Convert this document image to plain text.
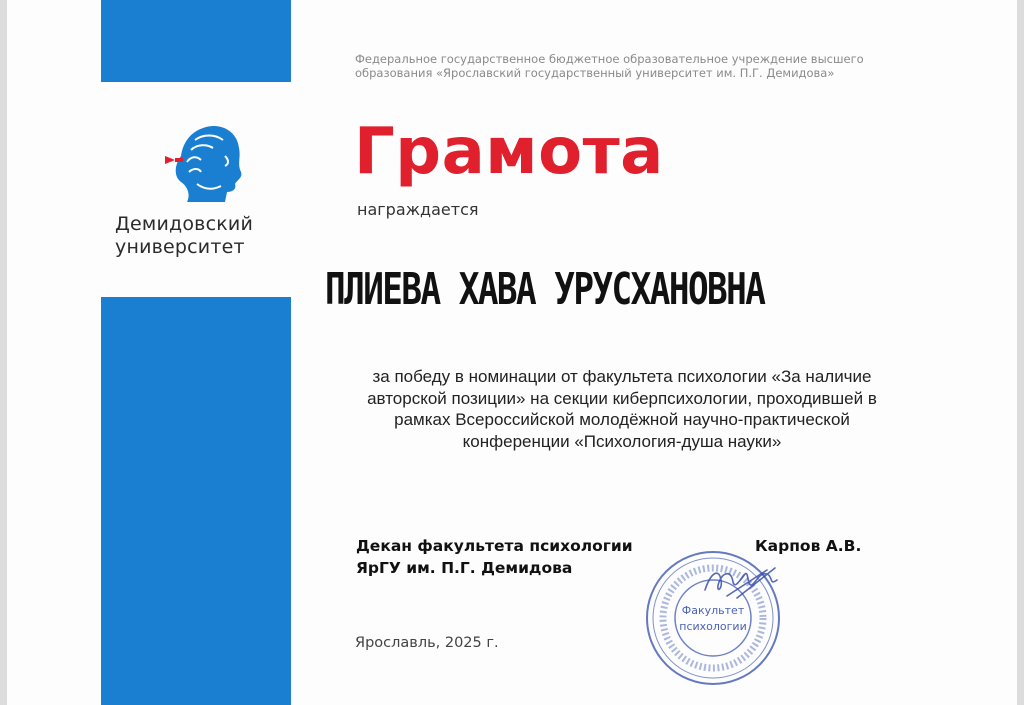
Демидовский
университет
Федеральное государственное бюджетное образовательное учреждение высшего
образования «Ярославский государственный университет им. П.Г. Демидова»
Грамота
награждается
ПЛИЕВА ХАВА УРУСХАНОВНА
за победу в номинации от факультета психологии «За наличие
авторской позиции» на секции киберпсихологии, проходившей в
рамках Всероссийской молодёжной научно-практической
конференции «Психология-душа науки»
Декан факультета психологии
ЯрГУ им. П.Г. Демидова
Карпов А.В.
Факультет
психологии
Ярославль, 2025 г.
